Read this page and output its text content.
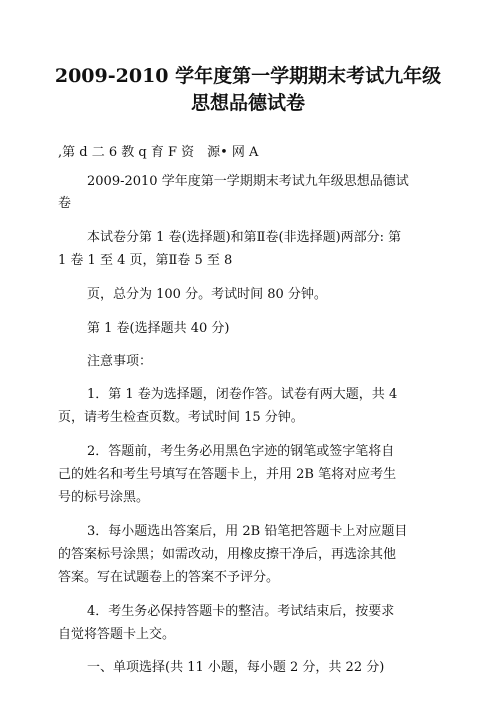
2009-2010 学年度第一学期期末考试九年级
思想品德试卷
,第 d 二 6 教 q 育 F 资　源• 网 A
2009-2010 学年度第一学期期末考试九年级思想品德试
卷
本试卷分第 1 卷(选择题)和第Ⅱ卷(非选择题)两部分: 第
1 卷 1 至 4 页，第Ⅱ卷 5 至 8
页，总分为 100 分。考试时间 80 分钟。
第 1 卷(选择题共 40 分)
注意事项：
1．第 1 卷为选择题，闭卷作答。试卷有两大题，共 4
页，请考生检查页数。考试时间 15 分钟。
2．答题前，考生务必用黑色字迹的钢笔或签字笔将自
己的姓名和考生号填写在答题卡上，并用 2B 笔将对应考生
号的标号涂黑。
3．每小题选出答案后，用 2B 铅笔把答题卡上对应题目
的答案标号涂黑；如需改动，用橡皮擦干净后，再选涂其他
答案。写在试题卷上的答案不予评分。
4．考生务必保持答题卡的整洁。考试结束后，按要求
自觉将答题卡上交。
一、单项选择(共 11 小题，每小题 2 分，共 22 分)
